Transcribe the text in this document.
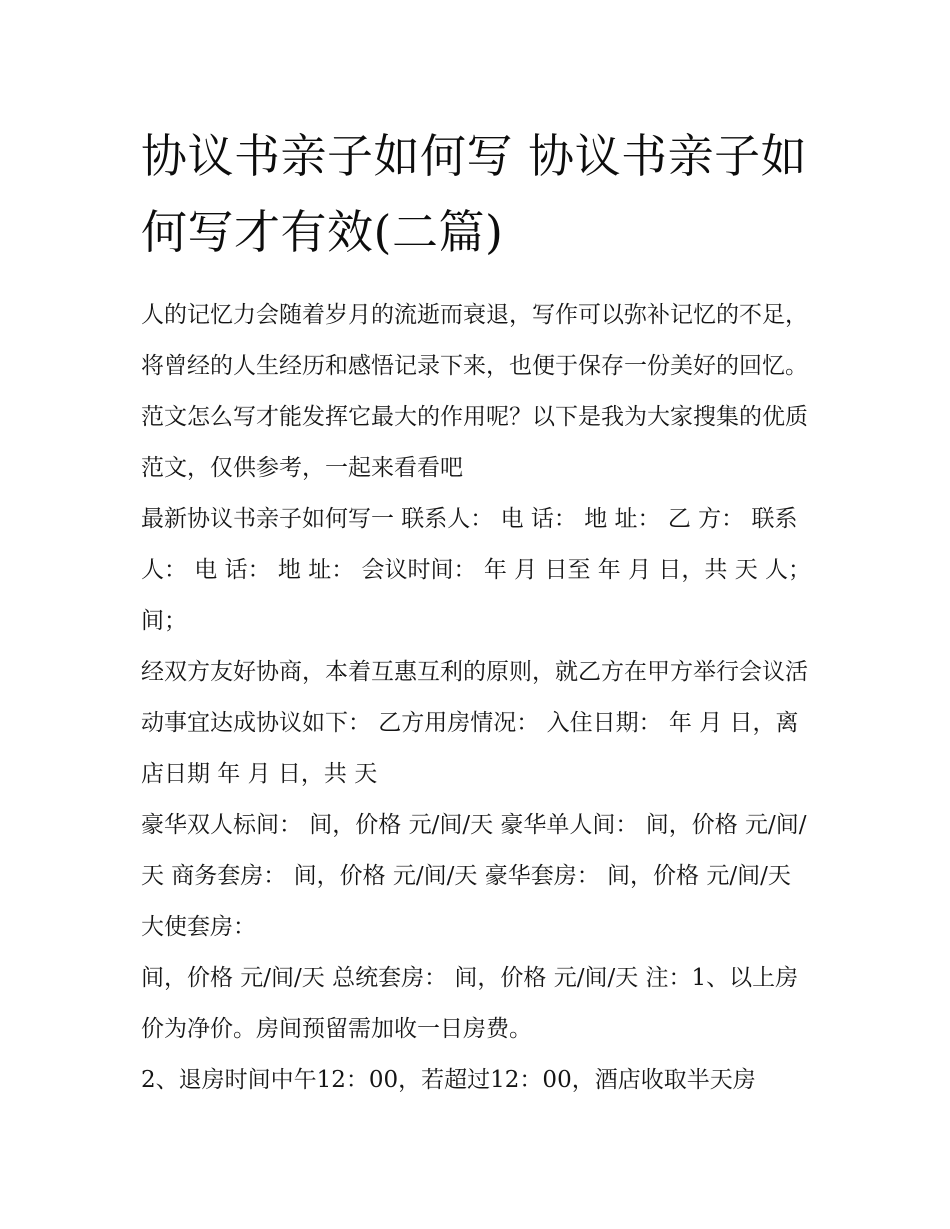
协议书亲子如何写 协议书亲子如何写才有效(二篇)

人的记忆力会随着岁月的流逝而衰退，写作可以弥补记忆的不足，将曾经的人生经历和感悟记录下来，也便于保存一份美好的回忆。范文怎么写才能发挥它最大的作用呢？以下是我为大家搜集的优质范文，仅供参考，一起来看看吧

最新协议书亲子如何写一 联系人： 电 话： 地 址： 乙 方： 联系人： 电 话： 地 址： 会议时间： 年 月 日至 年 月 日，共 天 人； 间；

经双方友好协商，本着互惠互利的原则，就乙方在甲方举行会议活动事宜达成协议如下： 乙方用房情况： 入住日期： 年 月 日，离店日期 年 月 日，共 天

豪华双人标间： 间，价格 元/间/天 豪华单人间： 间，价格 元/间/天 商务套房： 间，价格 元/间/天 豪华套房： 间，价格 元/间/天 大使套房：

间，价格 元/间/天 总统套房： 间，价格 元/间/天 注：1、以上房价为净价。房间预留需加收一日房费。

2、退房时间中午12：00，若超过12：00，酒店收取半天房
